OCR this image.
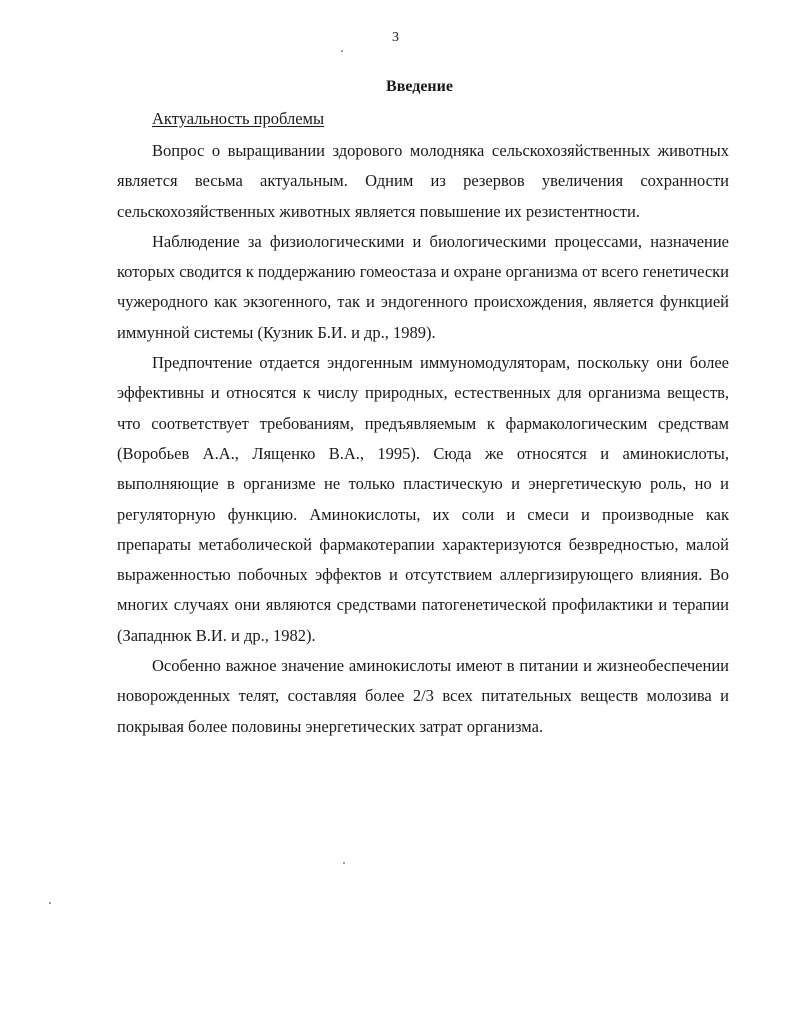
3
Введение
Актуальность проблемы

Вопрос о выращивании здорового молодняка сельскохозяйственных животных является весьма актуальным. Одним из резервов увеличения сохранности сельскохозяйственных животных является повышение их резистентности.

Наблюдение за физиологическими и биологическими процессами, назначение которых сводится к поддержанию гомеостаза и охране организма от всего генетически чужеродного как экзогенного, так и эндогенного происхождения, является функцией иммунной системы (Кузник Б.И. и др., 1989).

Предпочтение отдается эндогенным иммуномодуляторам, поскольку они более эффективны и относятся к числу природных, естественных для организма веществ, что соответствует требованиям, предъявляемым к фармакологическим средствам (Воробьев А.А., Лященко В.А., 1995). Сюда же относятся и аминокислоты, выполняющие в организме не только пластическую и энергетическую роль, но и регуляторную функцию. Аминокислоты, их соли и смеси и производные как препараты метаболической фармакотерапии характеризуются безвредностью, малой выраженностью побочных эффектов и отсутствием аллергизирующего влияния. Во многих случаях они являются средствами патогенетической профилактики и терапии (Западнюк В.И. и др., 1982).

Особенно важное значение аминокислоты имеют в питании и жизнеобеспечении новорожденных телят, составляя более 2/3 всех питательных веществ молозива и покрывая более половины энергетических затрат организма.
